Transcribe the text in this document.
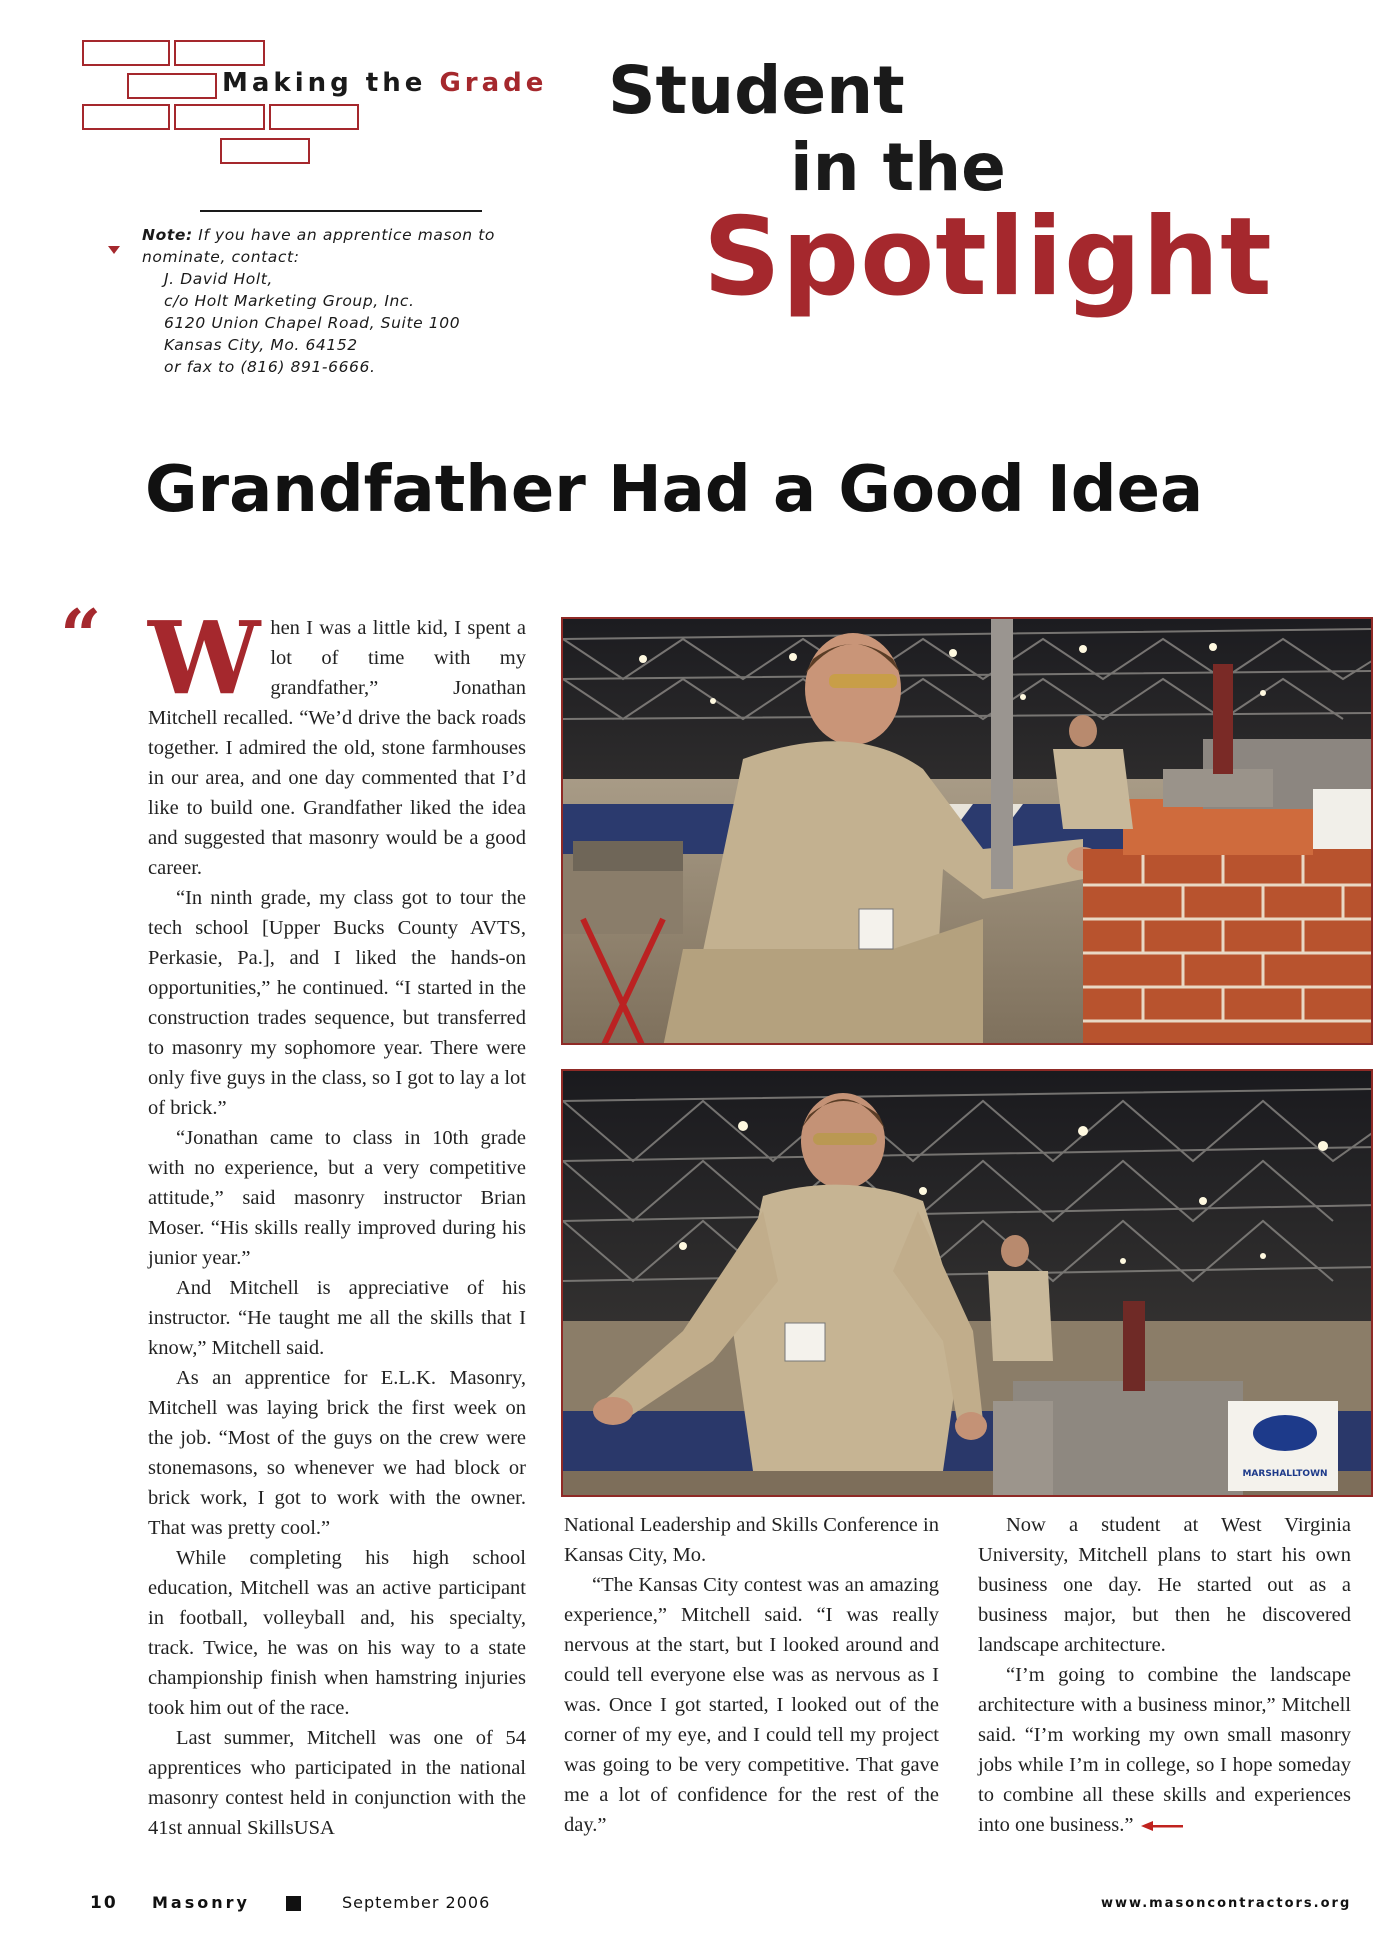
Making the Grade
Note: If you have an apprentice mason to
nominate, contact:
J. David Holt,
c/o Holt Marketing Group, Inc.
6120 Union Chapel Road, Suite 100
Kansas City, Mo. 64152
or fax to (816) 891-6666.
Student
in the
Spotlight
Grandfather Had a Good Idea
“ When I was a little kid, I spent a lot of time with my grandfather,” Jonathan Mitchell recalled. “We’d drive the back roads together. I admired the old, stone farmhouses in our area, and one day commented that I’d like to build one. Grandfather liked the idea and suggested that masonry would be a good career.

“In ninth grade, my class got to tour the tech school [Upper Bucks County AVTS, Perkasie, Pa.], and I liked the hands-on opportunities,” he continued. “I started in the construction trades sequence, but transferred to masonry my sophomore year. There were only five guys in the class, so I got to lay a lot of brick.”

“Jonathan came to class in 10th grade with no experience, but a very competitive attitude,” said masonry instructor Brian Moser. “His skills really improved during his junior year.”

And Mitchell is appreciative of his instructor. “He taught me all the skills that I know,” Mitchell said.

As an apprentice for E.L.K. Masonry, Mitchell was laying brick the first week on the job. “Most of the guys on the crew were stonemasons, so whenever we had block or brick work, I got to work with the owner. That was pretty cool.”

While completing his high school education, Mitchell was an active participant in football, volleyball and, his specialty, track. Twice, he was on his way to a state championship finish when hamstring injuries took him out of the race.

Last summer, Mitchell was one of 54 apprentices who participated in the national masonry contest held in conjunction with the 41st annual SkillsUSA

MARSHALLTOWN

National Leadership and Skills Conference in Kansas City, Mo.

“The Kansas City contest was an amazing experience,” Mitchell said. “I was really nervous at the start, but I looked around and could tell everyone else was as nervous as I was. Once I got started, I looked out of the corner of my eye, and I could tell my project was going to be very competitive. That gave me a lot of confidence for the rest of the day.”

Now a student at West Virginia University, Mitchell plans to start his own business one day. He started out as a business major, but then he discovered landscape architecture.

“I’m going to combine the landscape architecture with a business minor,” Mitchell said. “I’m working my own small masonry jobs while I’m in college, so I hope someday to combine all these skills and experiences into one business.”

10 Masonry	September 2006	www.masoncontractors.org
